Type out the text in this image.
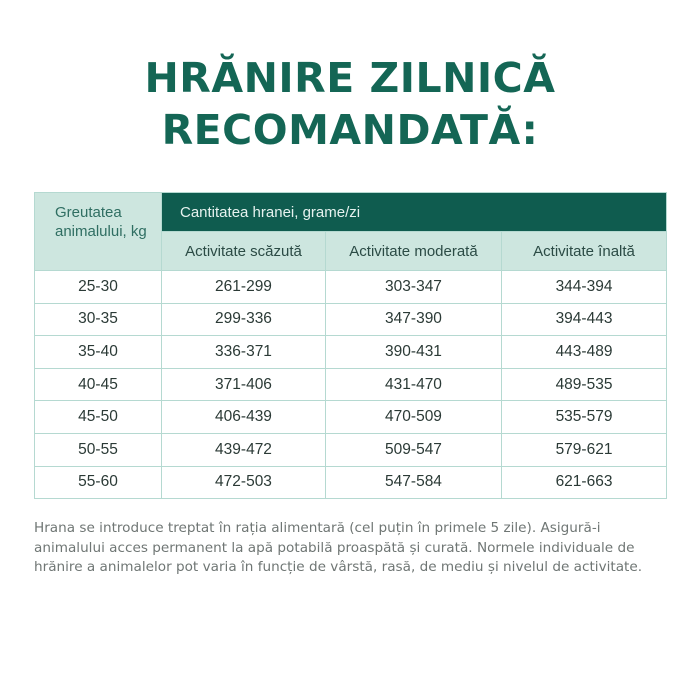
HRĂNIRE ZILNICĂ
RECOMANDATĂ:
Greutatea animalului, kg	Cantitatea hranei, grame/zi		
	Activitate scăzută	Activitate moderată	Activitate înaltă
25-30	261-299	303-347	344-394
30-35	299-336	347-390	394-443
35-40	336-371	390-431	443-489
40-45	371-406	431-470	489-535
45-50	406-439	470-509	535-579
50-55	439-472	509-547	579-621
55-60	472-503	547-584	621-663
Hrana se introduce treptat în rația alimentară (cel puțin în primele 5 zile). Asigură-i animalului acces permanent la apă potabilă proaspătă și curată. Normele individuale de hrănire a animalelor pot varia în funcție de vârstă, rasă, de mediu și nivelul de activitate.
